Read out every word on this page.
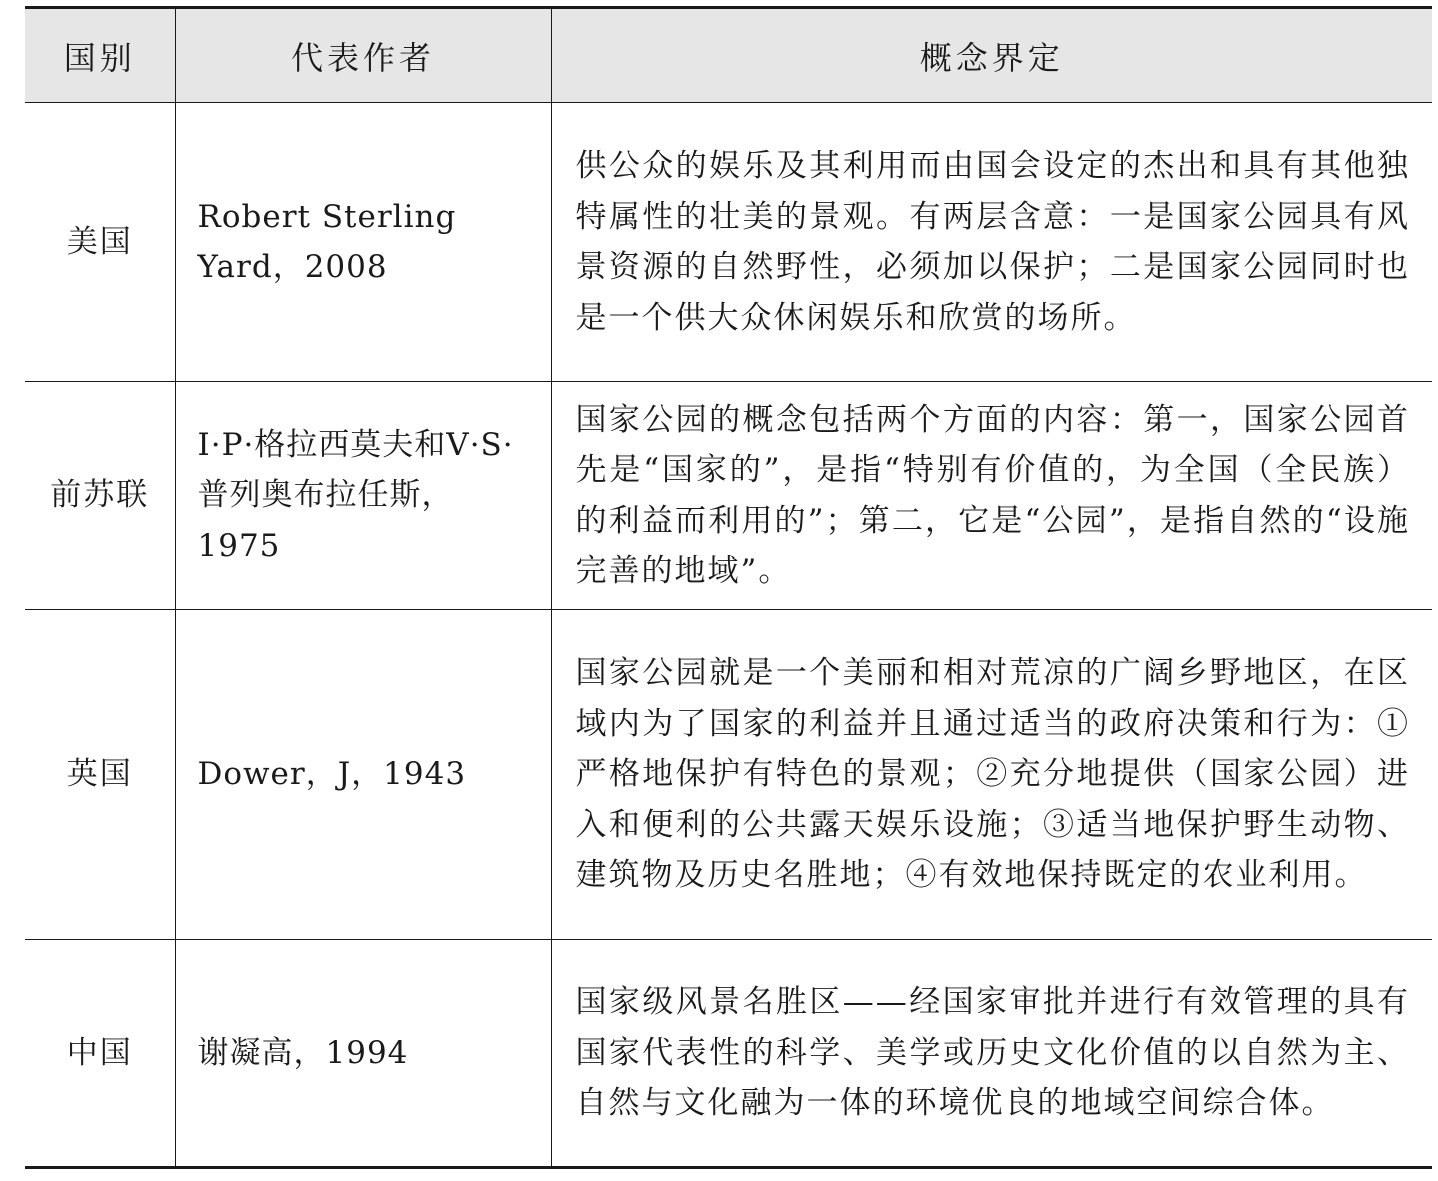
国别	代表作者	概念界定
美国	Robert Sterling Yard，2008	供公众的娱乐及其利用而由国会设定的杰出和具有其他独特属性的壮美的景观。有两层含意：一是国家公园具有风景资源的自然野性，必须加以保护；二是国家公园同时也是一个供大众休闲娱乐和欣赏的场所。
前苏联	I·P·格拉西莫夫和V·S·普列奥布拉任斯，1975	国家公园的概念包括两个方面的内容：第一，国家公园首先是“国家的”，是指“特别有价值的，为全国（全民族）的利益而利用的”；第二，它是“公园”，是指自然的“设施完善的地域”。
英国	Dower，J，1943	国家公园就是一个美丽和相对荒凉的广阔乡野地区，在区域内为了国家的利益并且通过适当的政府决策和行为：①严格地保护有特色的景观；②充分地提供（国家公园）进入和便利的公共露天娱乐设施；③适当地保护野生动物、建筑物及历史名胜地；④有效地保持既定的农业利用。
中国	谢凝高，1994	国家级风景名胜区——经国家审批并进行有效管理的具有国家代表性的科学、美学或历史文化价值的以自然为主、自然与文化融为一体的环境优良的地域空间综合体。
